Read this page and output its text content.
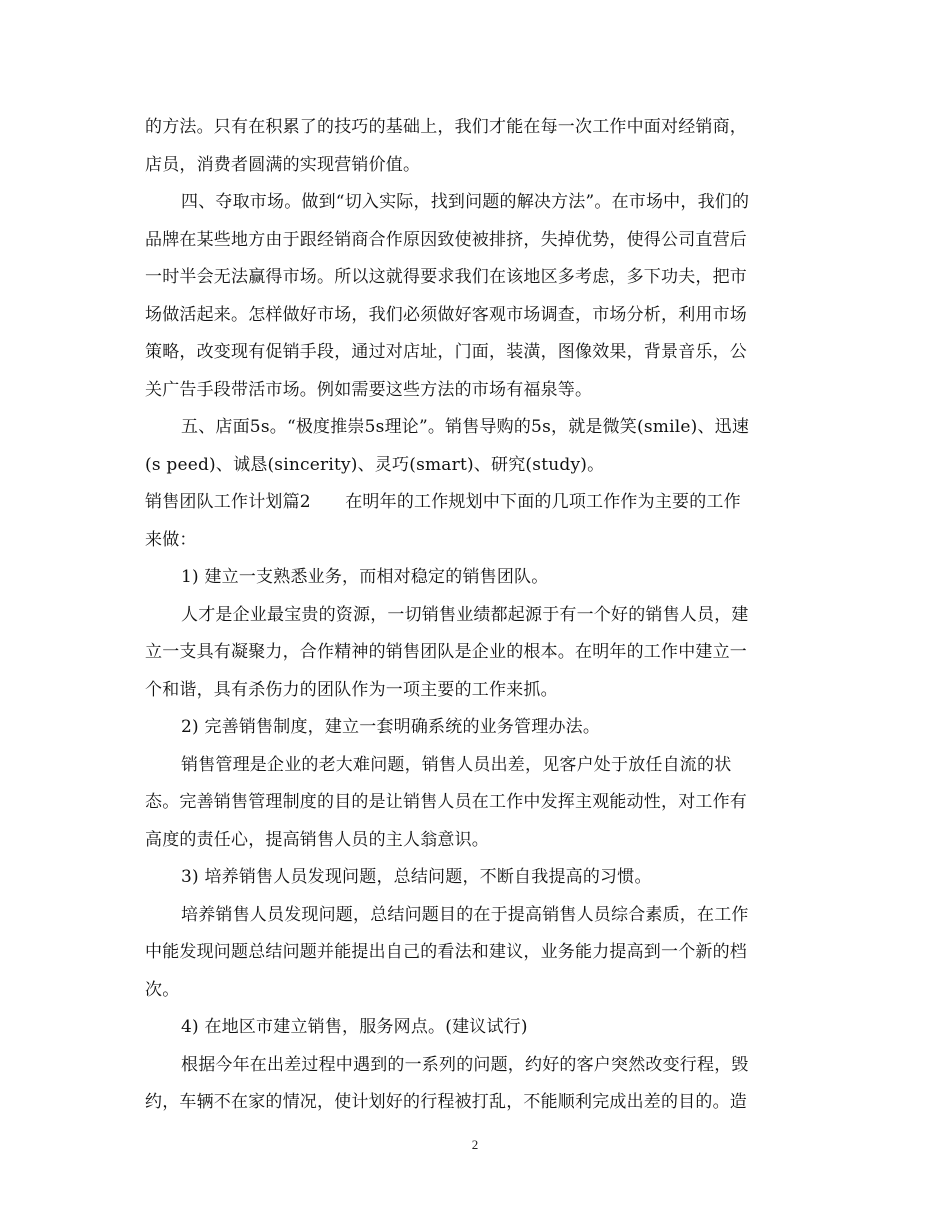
的方法。只有在积累了的技巧的基础上，我们才能在每一次工作中面对经销商，
店员，消费者圆满的实现营销价值。
四、夺取市场。做到“切入实际，找到问题的解决方法”。在市场中，我们的
品牌在某些地方由于跟经销商合作原因致使被排挤，失掉优势，使得公司直营后
一时半会无法赢得市场。所以这就得要求我们在该地区多考虑，多下功夫，把市
场做活起来。怎样做好市场，我们必须做好客观市场调查，市场分析，利用市场
策略，改变现有促销手段，通过对店址，门面，装潢，图像效果，背景音乐，公
关广告手段带活市场。例如需要这些方法的市场有福泉等。
五、店面5s。“极度推崇5s理论”。销售导购的5s，就是微笑(smile)、迅速
(s peed)、诚恳(sincerity)、灵巧(smart)、研究(study)。
销售团队工作计划篇2　　在明年的工作规划中下面的几项工作作为主要的工作
来做：
1) 建立一支熟悉业务，而相对稳定的销售团队。
人才是企业最宝贵的资源，一切销售业绩都起源于有一个好的销售人员，建
立一支具有凝聚力，合作精神的销售团队是企业的根本。在明年的工作中建立一
个和谐，具有杀伤力的团队作为一项主要的工作来抓。
2) 完善销售制度，建立一套明确系统的业务管理办法。
销售管理是企业的老大难问题，销售人员出差，见客户处于放任自流的状
态。完善销售管理制度的目的是让销售人员在工作中发挥主观能动性，对工作有
高度的责任心，提高销售人员的主人翁意识。
3) 培养销售人员发现问题，总结问题，不断自我提高的习惯。
培养销售人员发现问题，总结问题目的在于提高销售人员综合素质，在工作
中能发现问题总结问题并能提出自己的看法和建议，业务能力提高到一个新的档
次。
4) 在地区市建立销售，服务网点。(建议试行)
根据今年在出差过程中遇到的一系列的问题，约好的客户突然改变行程，毁
约，车辆不在家的情况，使计划好的行程被打乱，不能顺利完成出差的目的。造
2
